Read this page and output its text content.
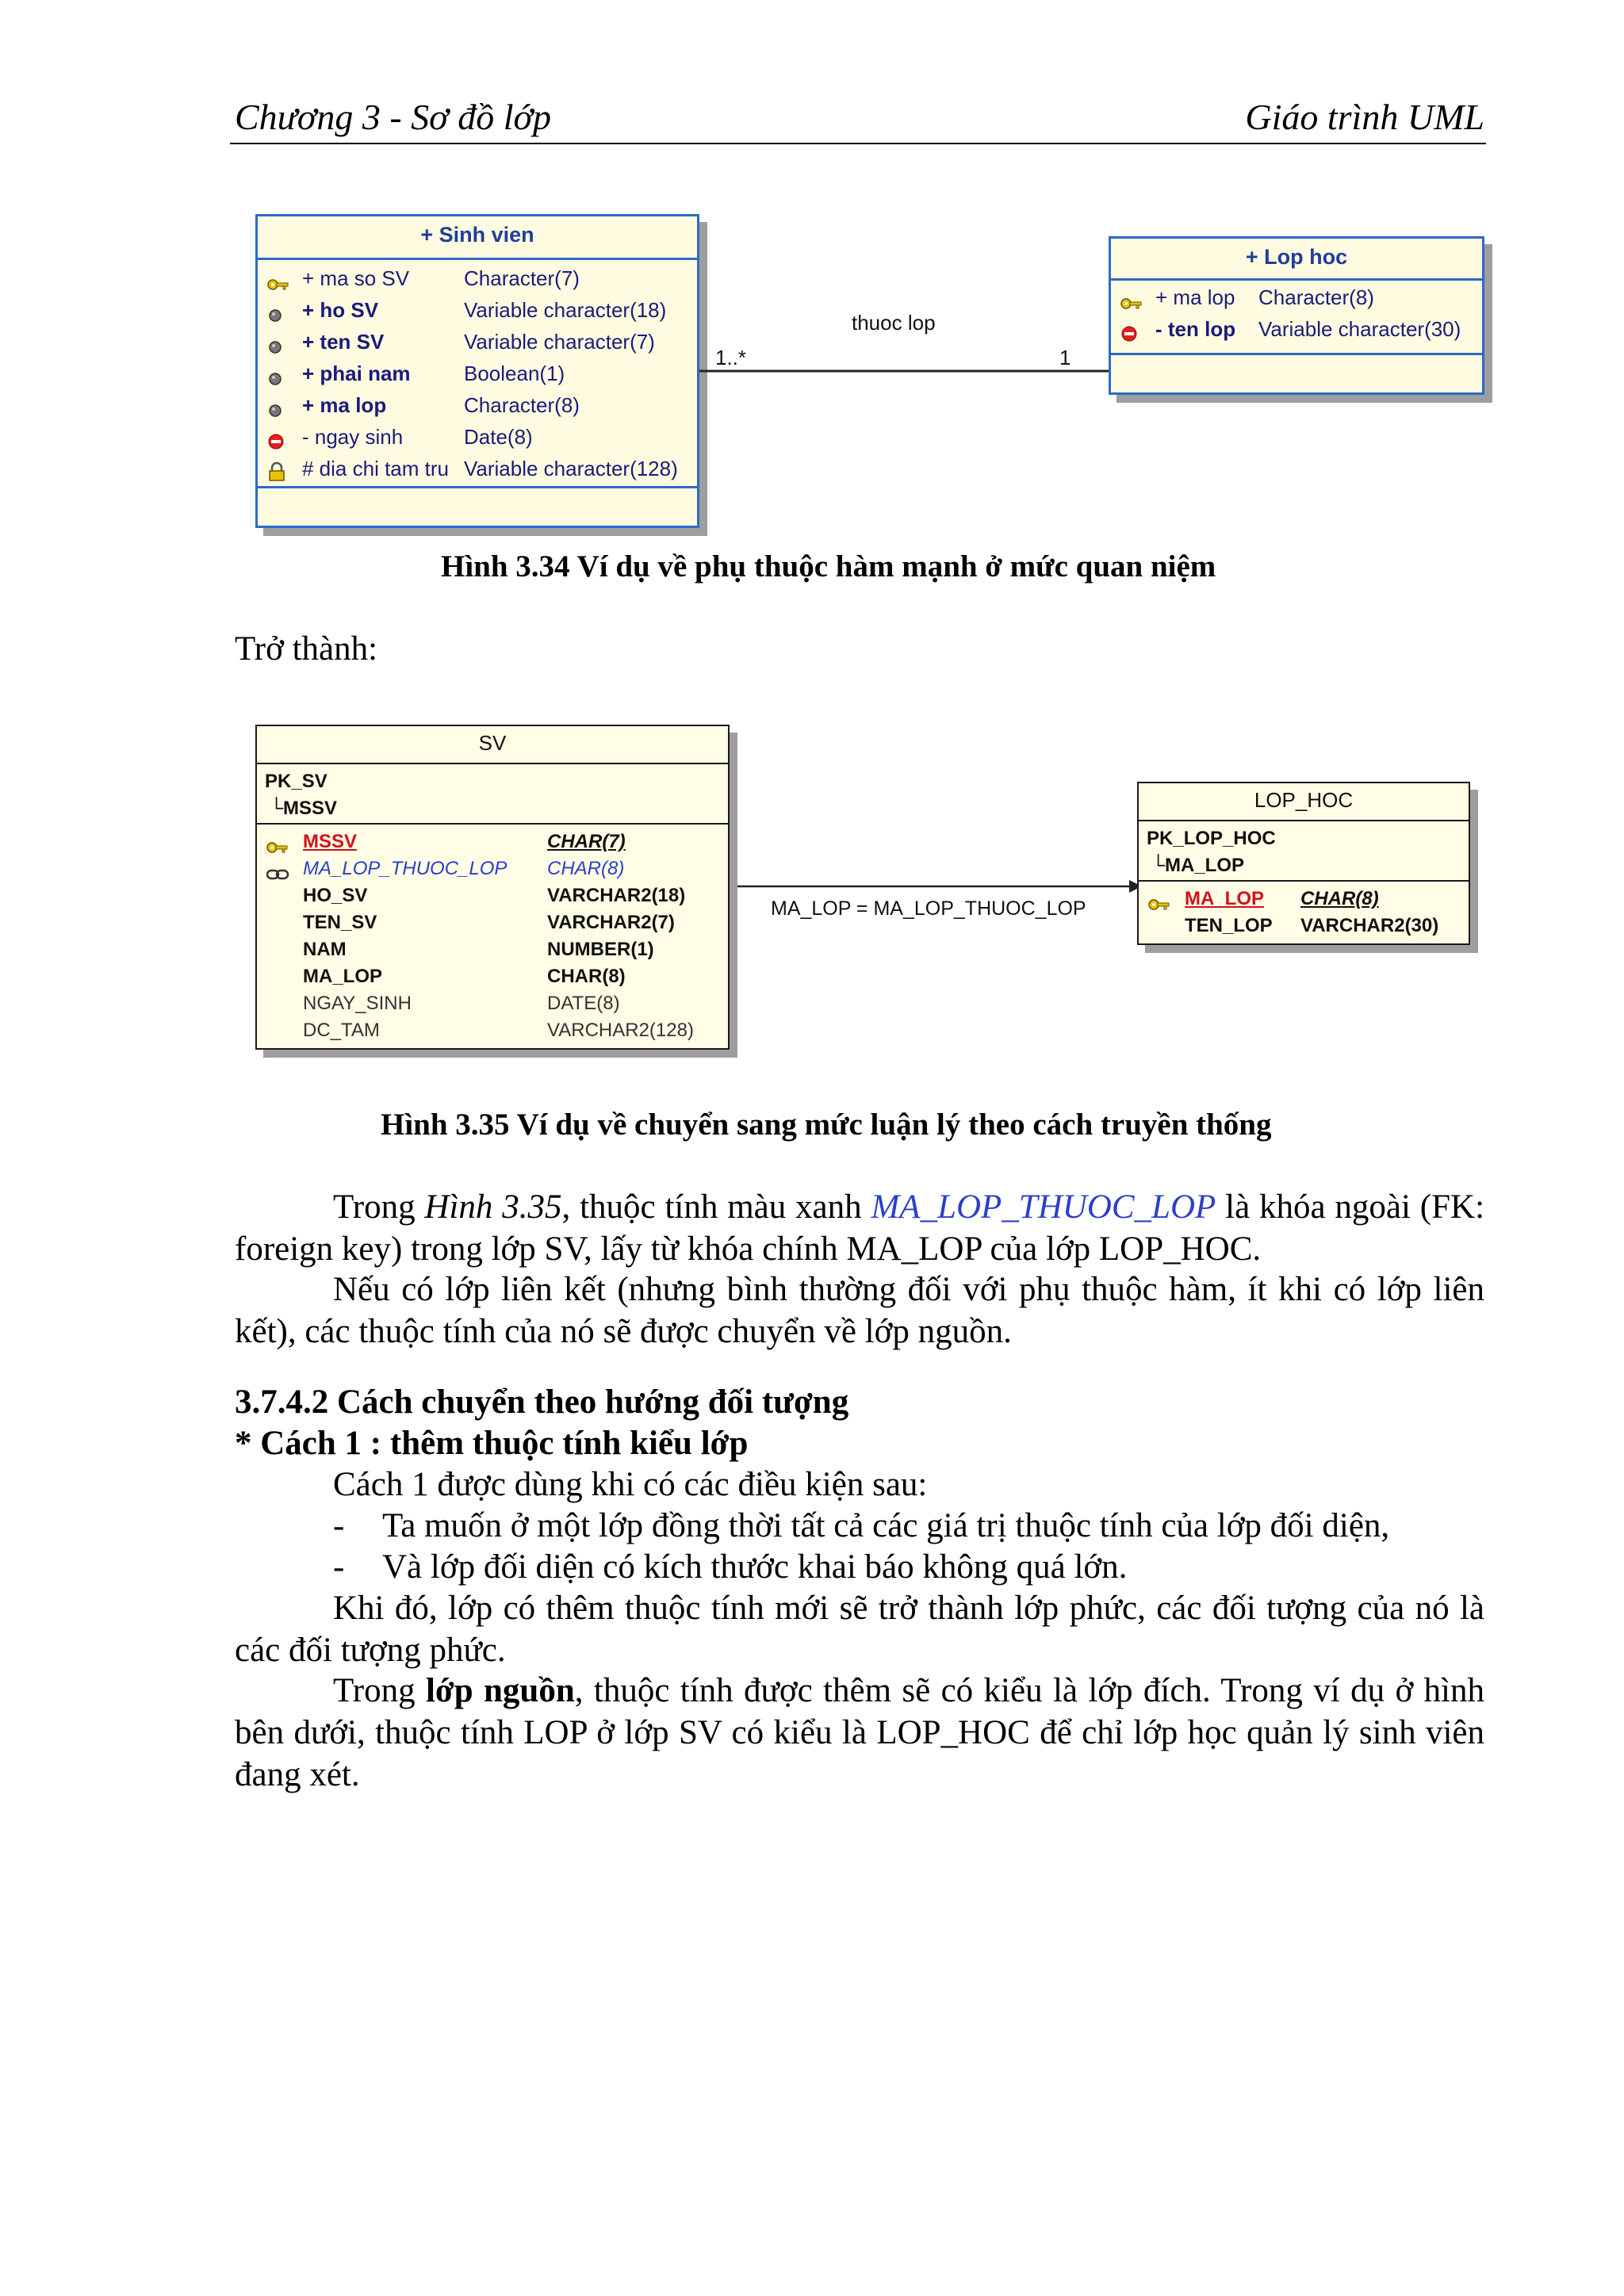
Chương 3 - Sơ đồ lớp	Giáo trình UML
+ Sinh vien
+ ma so SV	Character(7)
+ ho SV	Variable character(18)
+ ten SV	Variable character(7)
+ phai nam	Boolean(1)
+ ma lop	Character(8)
- ngay sinh	Date(8)
# dia chi tam tru Variable character(128)
+ Lop hoc
+ ma lop Character(8)
- ten lop Variable character(30)
thuoc lop
1..*	1
Hình 3.34 Ví dụ về phụ thuộc hàm mạnh ở mức quan niệm
Trở thành:
SV
PK_SV
└MSSV
MSSV	CHAR(7)
MA_LOP_THUOC_LOP CHAR(8)
HO_SV	VARCHAR2(18)
TEN_SV	VARCHAR2(7)
NAM	NUMBER(1)
MA_LOP	CHAR(8)
NGAY_SINH	DATE(8)
DC_TAM	VARCHAR2(128)
LOP_HOC
PK_LOP_HOC
└MA_LOP
MA_LOP CHAR(8)
TEN_LOP VARCHAR2(30)
MA_LOP = MA_LOP_THUOC_LOP
Hình 3.35 Ví dụ về chuyển sang mức luận lý theo cách truyền thống
Trong Hình 3.35, thuộc tính màu xanh MA_LOP_THUOC_LOP là khóa ngoài (FK: foreign key) trong lớp SV, lấy từ khóa chính MA_LOP của lớp LOP_HOC.
Nếu có lớp liên kết (nhưng bình thường đối với phụ thuộc hàm, ít khi có lớp liên kết), các thuộc tính của nó sẽ được chuyển về lớp nguồn.
3.7.4.2 Cách chuyển theo hướng đối tượng
* Cách 1 : thêm thuộc tính kiểu lớp
Cách 1 được dùng khi có các điều kiện sau:
- Ta muốn ở một lớp đồng thời tất cả các giá trị thuộc tính của lớp đối diện,
- Và lớp đối diện có kích thước khai báo không quá lớn.
Khi đó, lớp có thêm thuộc tính mới sẽ trở thành lớp phức, các đối tượng của nó là các đối tượng phức.
Trong lớp nguồn, thuộc tính được thêm sẽ có kiểu là lớp đích. Trong ví dụ ở hình bên dưới, thuộc tính LOP ở lớp SV có kiểu là LOP_HOC để chỉ lớp học quản lý sinh viên đang xét.
